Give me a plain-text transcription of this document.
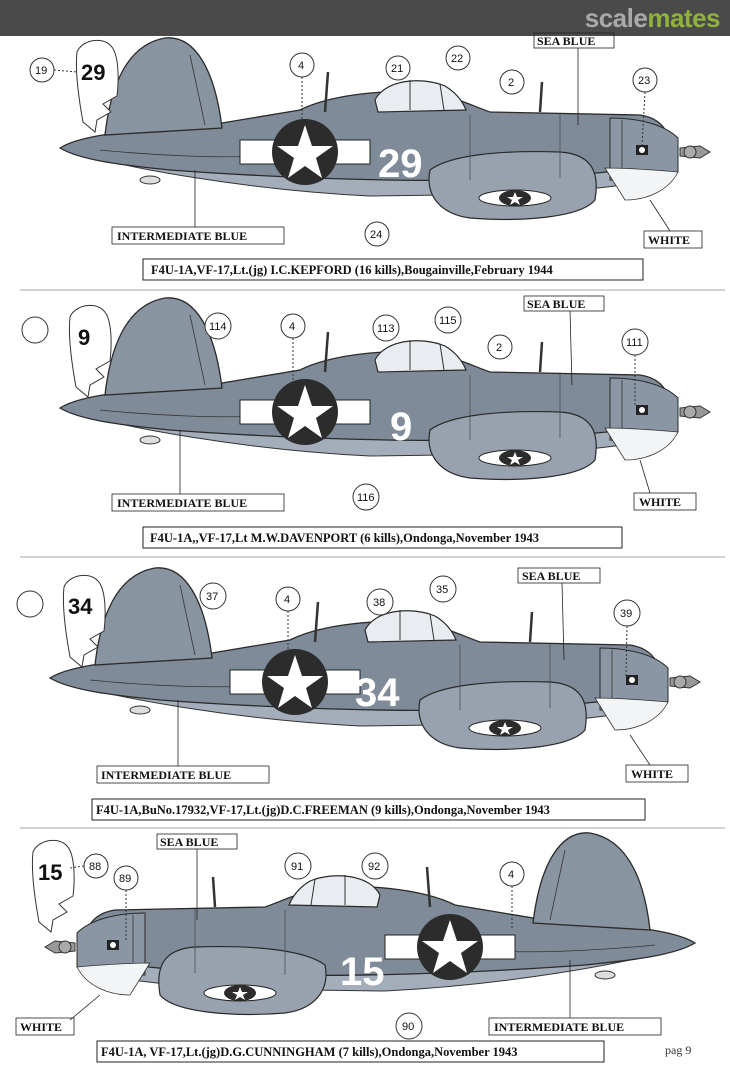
scalemates
29
29
SEA BLUE
INTERMEDIATE BLUE	WHITE
19	4	21
22
2	23
24
F4U-1A,VF-17,Lt.(jg) I.C.KEPFORD (16 kills),Bougainville,February 1944
9
9
SEA BLUE
INTERMEDIATE BLUE	WHITE
114	4	113
115
2	111
116
F4U-1A,,VF-17,Lt M.W.DAVENPORT (6 kills),Ondonga,November 1943
34
34
SEA BLUE
INTERMEDIATE BLUE	WHITE
37	4	38
35
39
F4U-1A,BuNo.17932,VF-17,Lt.(jg)D.C.FREEMAN (9 kills),Ondonga,November 1943
15
15
SEA BLUE
INTERMEDIATE BLUE
WHITE
88
89
91	92
4
90
F4U-1A, VF-17,Lt.(jg)D.G.CUNNINGHAM (7 kills),Ondonga,November 1943	pag 9
